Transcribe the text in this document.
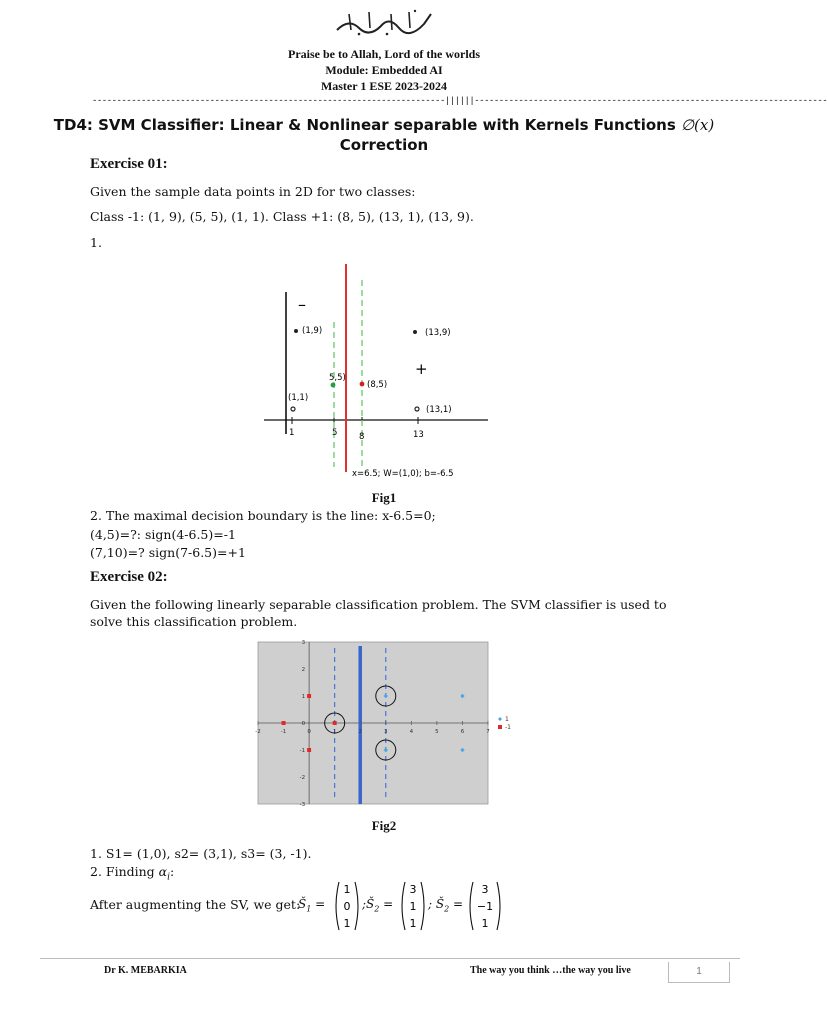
Praise be to Allah, Lord of the worlds
Module: Embedded AI
Master 1 ESE 2023-2024
------------------------------------------------------------------------||||||------------------------------------------------------------------------
TD4: SVM Classifier: Linear & Nonlinear separable with Kernels Functions ∅(x)
Correction
Exercise 01:
Given the sample data points in 2D for two classes:
Class -1: (1, 9), (5, 5), (1, 1). Class +1: (8, 5), (13, 1), (13, 9).
1.
–
+
(1,9)
5,5)
(1,1)
(8,5)
(13,9)
(13,1)
1	5	8	13
x=6.5; W=(1,0); b=-6.5
Fig1
2. The maximal decision boundary is the line: x-6.5=0;
(4,5)=?: sign(4-6.5)=-1
(7,10)=? sign(7-6.5)=+1
Exercise 02:
Given the following linearly separable classification problem. The SVM classifier is used to
solve this classification problem.
-2	-1	0	1	2	3	4	5	6	7
3
2
1
0
-1
-2
-3
1
-1
Fig2
1. S1= (1,0), s2= (3,1), s3= (3, -1).
2. Finding $\alpha_i$:
After augmenting the SV, we get:
$Š_1$ =
1
0
1
$;Š_2$ =
3
1
1
; $Š_2$ =
3
−1
1
Dr K. MEBARKIA	The way you think …the way you live	1
